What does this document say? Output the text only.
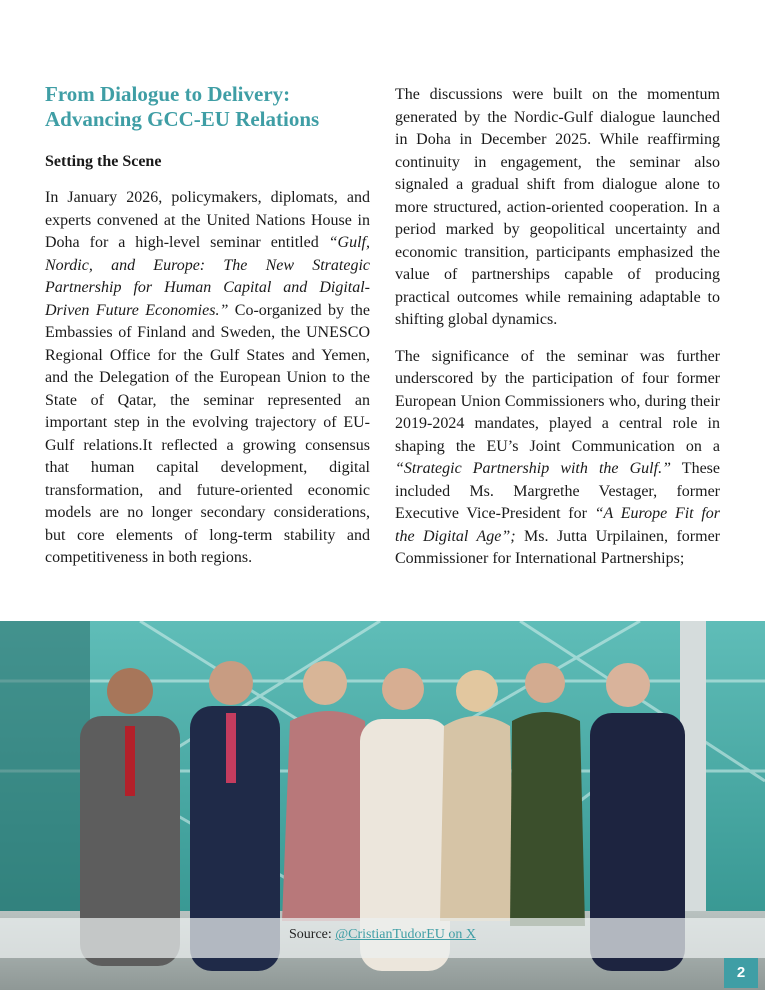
From Dialogue to Delivery:
Advancing GCC-EU Relations
Setting the Scene

In January 2026, policymakers, diplomats, and experts convened at the United Nations House in Doha for a high-level seminar entitled “Gulf, Nordic, and Europe: The New Strategic Partnership for Human Capital and Digital-Driven Future Economies.” Co-organized by the Embassies of Finland and Sweden, the UNESCO Regional Office for the Gulf States and Yemen, and the Delegation of the European Union to the State of Qatar, the seminar represented an important step in the evolving trajectory of EU-Gulf relations.It reflected a growing consensus that human capital development, digital transformation, and future-oriented economic models are no longer secondary considerations, but core elements of long-term stability and competitiveness in both regions.

The discussions were built on the momentum generated by the Nordic-Gulf dialogue launched in Doha in December 2025. While reaffirming continuity in engagement, the seminar also signaled a gradual shift from dialogue alone to more structured, action-oriented cooperation. In a period marked by geopolitical uncertainty and economic transition, participants emphasized the value of partnerships capable of producing practical outcomes while remaining adaptable to shifting global dynamics.

The significance of the seminar was further underscored by the participation of four former European Union Commissioners who, during their 2019-2024 mandates, played a central role in shaping the EU’s Joint Communication on a “Strategic Partnership with the Gulf.” These included Ms. Margrethe Vestager, former Executive Vice-President for “A Europe Fit for the Digital Age”; Ms. Jutta Urpilainen, former Commissioner for International Partnerships;

Source: @CristianTudorEU on X
2
